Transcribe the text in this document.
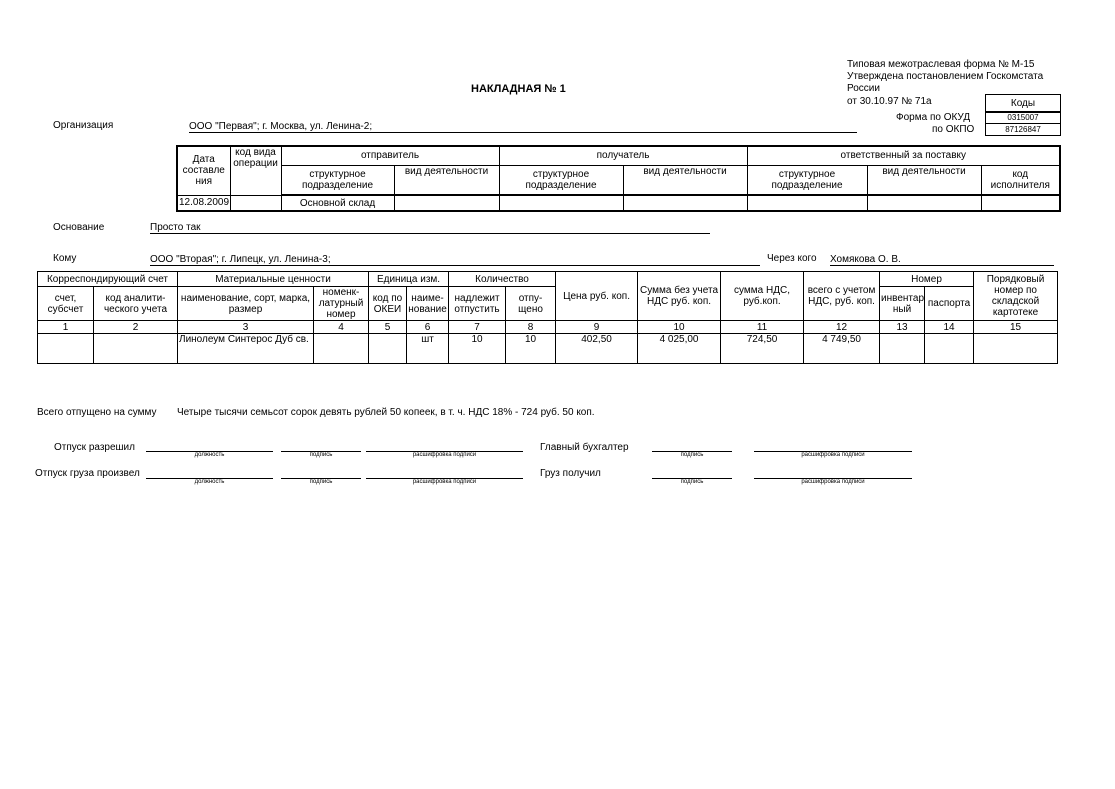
Типовая межотраслевая форма № М-15
Утверждена постановлением Госкомстата
России
от 30.10.97 № 71а
НАКЛАДНАЯ № 1
Коды
0315007
87126847
Форма по ОКУД
по ОКПО
Организация	ООО "Первая"; г. Москва, ул. Ленина-2;
Дата составле ния	код вида операции	отправитель		получатель		ответственный за поставку		
		структурное подразделение	вид деятельности	структурное подразделение	вид деятельности	структурное подразделение	вид деятельности	код исполнителя
12.08.2009		Основной склад						
Основание	Просто так
Кому	ООО "Вторая"; г. Липецк, ул. Ленина-3;	Через кого Хомякова О. В.
Корреспондирующий счет		Материальные ценности		Единица изм.		Количество		Цена руб. коп.	Сумма без учета НДС руб. коп.	сумма НДС, руб.коп.	всего с учетом НДС, руб. коп.	Номер		Порядковый номер по складской картотеке
счет, субсчет	код аналити- ческого учета	наименование, сорт, марка, размер	номенк- латурный номер	код по ОКЕИ	наиме- нование	надлежит отпустить	отпу- щено					инвентар ный	паспорта	
1	2	3	4	5	6	7	8	9	10	11	12	13	14	15
		Линолеум Синтерос Дуб св.			шт	10	10	402,50	4 025,00	724,50	4 749,50			
Всего отпущено на сумму Четыре тысячи семьсот сорок девять рублей 50 копеек, в т. ч. НДС 18% - 724 руб. 50 коп.
Отпуск разрешил
должность	подпись	расшифровка подписи
Главный бухгалтер
подпись	расшифровка подписи
Отпуск груза произвел
должность	подпись	расшифровка подписи
Груз получил
подпись	расшифровка подписи
